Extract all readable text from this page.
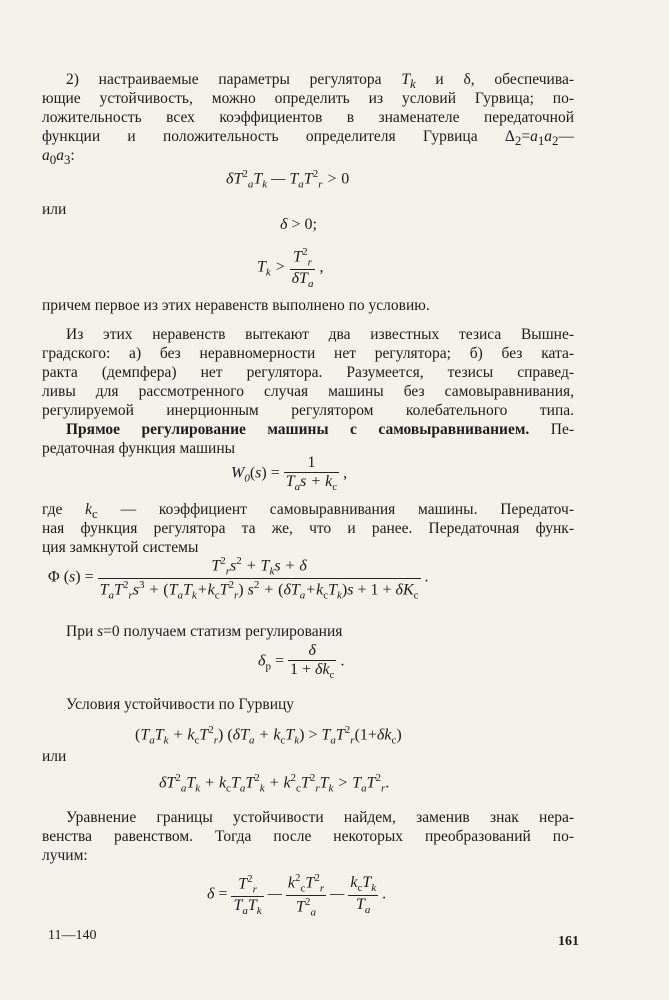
2) настраиваемые параметры регулятора $T_k$ и δ, обеспечива-
ющие устойчивость, можно определить из условий Гурвица; по-
ложительность всех коэффициентов в знаменателе передаточной
функции и положительность определителя Гурвица $\Delta_2=a_1a_2—$
$a_0a_3$:
$\delta T^2_aT_k$ — $T_aT^2_r > 0$
или
δ > 0;
$T_k > \frac{T^2_r}{\delta T_a}$ ,
причем первое из этих неравенств выполнено по условию.
Из этих неравенств вытекают два известных тезиса Вышне-
градского: а) без неравномерности нет регулятора; б) без ката-
ракта (демпфера) нет регулятора. Разумеется, тезисы справед-
ливы для рассмотренного случая машины без самовыравнивания,
регулируемой инерционным регулятором колебательного типа.
Прямое регулирование машины с самовыравниванием. Пе-
редаточная функция машины
$W_0(s) = \frac{1}{T_as + k_c}$ ,
где $k_c$ — коэффициент самовыравнивания машины. Передаточ-
ная функция регулятора та же, что и ранее. Передаточная функ-
ция замкнутой системы
Φ $(s) = \frac{T^2_rs^2 + T_ks + \delta}{T_aT^2_rs^3 + (T_aT_k+k_cT^2_r) s^2 + (\delta T_a+k_cT_k)s + 1 + \delta K_c}$ .
При s=0 получаем статизм регулирования
$\delta_p = \frac{\delta}{1 + \delta k_c}$ .
Условия устойчивости по Гурвицу
$(T_aT_k + k_cT^2_r) (\delta T_a + k_cT_k) > T_aT^2_r(1+\delta k_c)$
или
$\delta T^2_aT_k + k_cT_aT^2_k + k^2_cT^2_rT_k > T_aT^2_r$.
Уравнение границы устойчивости найдем, заменив знак нера-
венства равенством. Тогда после некоторых преобразований по-
лучим:
$\delta = \frac{T^2_r}{T_aT_k}$ — $\frac{k^2_cT^2_r}{T^2_a}$ — $\frac{k_cT_k}{T_a}$ .
11—140	161
